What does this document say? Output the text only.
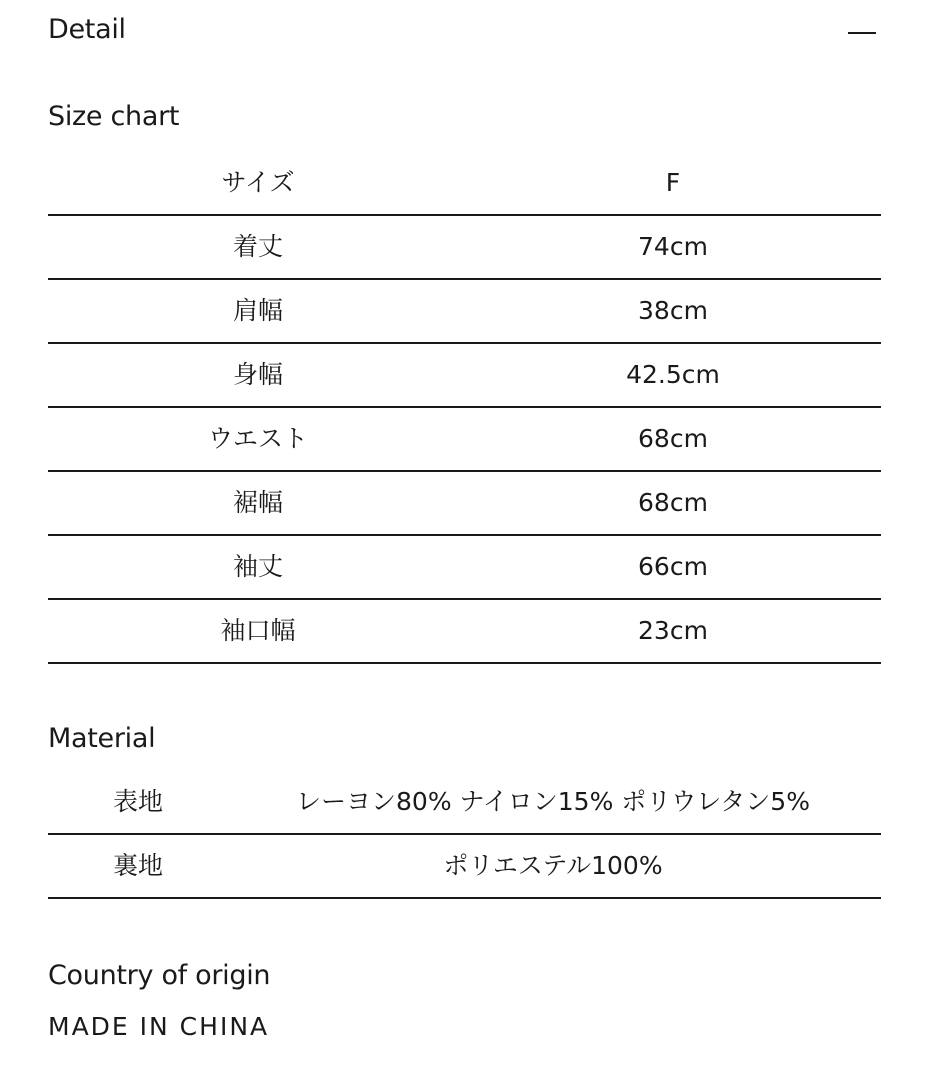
Detail
Size chart
サイズ	F
着丈	74cm
肩幅	38cm
身幅	42.5cm
ウエスト	68cm
裾幅	68cm
袖丈	66cm
袖口幅	23cm
Material
表地	レーヨン80% ナイロン15% ポリウレタン5%
裏地	ポリエステル100%
Country of origin
MADE IN CHINA
